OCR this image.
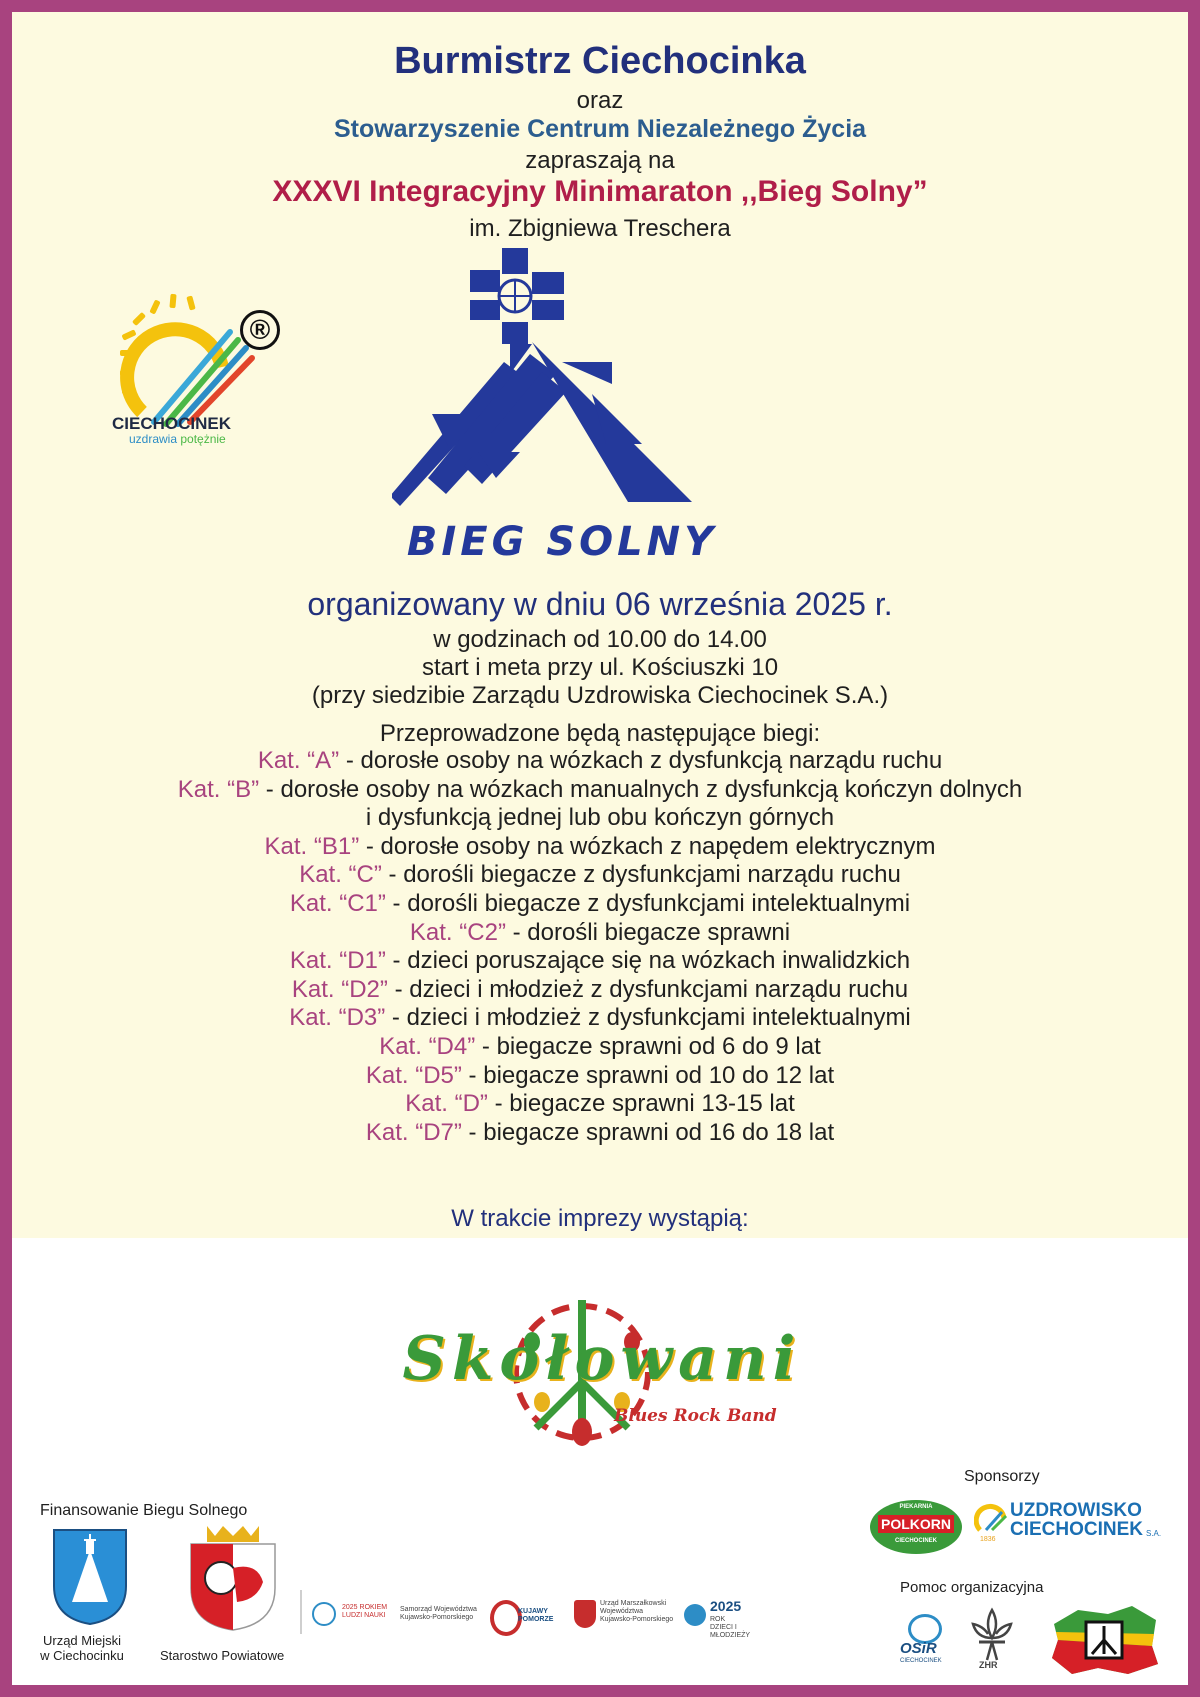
Burmistrz Ciechocinka
oraz
Stowarzyszenie Centrum Niezależnego Życia
zapraszają na
XXXVI Integracyjny Minimaraton ,,Bieg Solny”
im. Zbigniewa Treschera
®
CIECHOCINEK
uzdrawia potężnie
BIEG SOLNY
organizowany w dniu 06 września 2025 r.
w godzinach od 10.00 do 14.00
start i meta przy ul. Kościuszki 10
(przy siedzibie Zarządu Uzdrowiska Ciechocinek S.A.)
Przeprowadzone będą następujące biegi:
Kat. “A” - dorosłe osoby na wózkach z dysfunkcją narządu ruchu
Kat. “B” - dorosłe osoby na wózkach manualnych z dysfunkcją kończyn dolnych
i dysfunkcją jednej lub obu kończyn górnych
Kat. “B1” - dorosłe osoby na wózkach z napędem elektrycznym
Kat. “C” - dorośli biegacze z dysfunkcjami narządu ruchu
Kat. “C1” - dorośli biegacze z dysfunkcjami intelektualnymi
Kat. “C2” - dorośli biegacze sprawni
Kat. “D1” - dzieci poruszające się na wózkach inwalidzkich
Kat. “D2” - dzieci i młodzież z dysfunkcjami narządu ruchu
Kat. “D3” - dzieci i młodzież z dysfunkcjami intelektualnymi
Kat. “D4” - biegacze sprawni od 6 do 9 lat
Kat. “D5” - biegacze sprawni od 10 do 12 lat
Kat. “D” - biegacze sprawni 13-15 lat
Kat. “D7” - biegacze sprawni od 16 do 18 lat
W trakcie imprezy wystąpią:
Skołowani
Blues Rock Band
Finansowanie Biegu Solnego
Urząd Miejski
w Ciechocinku	Starostwo Powiatowe
2025 ROKIEM
LUDZI NAUKI
Samorząd Województwa
Kujawsko-Pomorskiego
KUJAWY
POMORZE
Urząd Marszałkowski
Województwa Kujawsko-Pomorskiego
2025
ROK DZIECI I MŁODZIEŻY
Sponsorzy
PIEKARNIA
POLKORN
CIECHOCINEK
UZDROWISKO
CIECHOCINEK S.A.
1836
Pomoc organizacyjna
OSiR
CIECHOCINEK	ZHR
